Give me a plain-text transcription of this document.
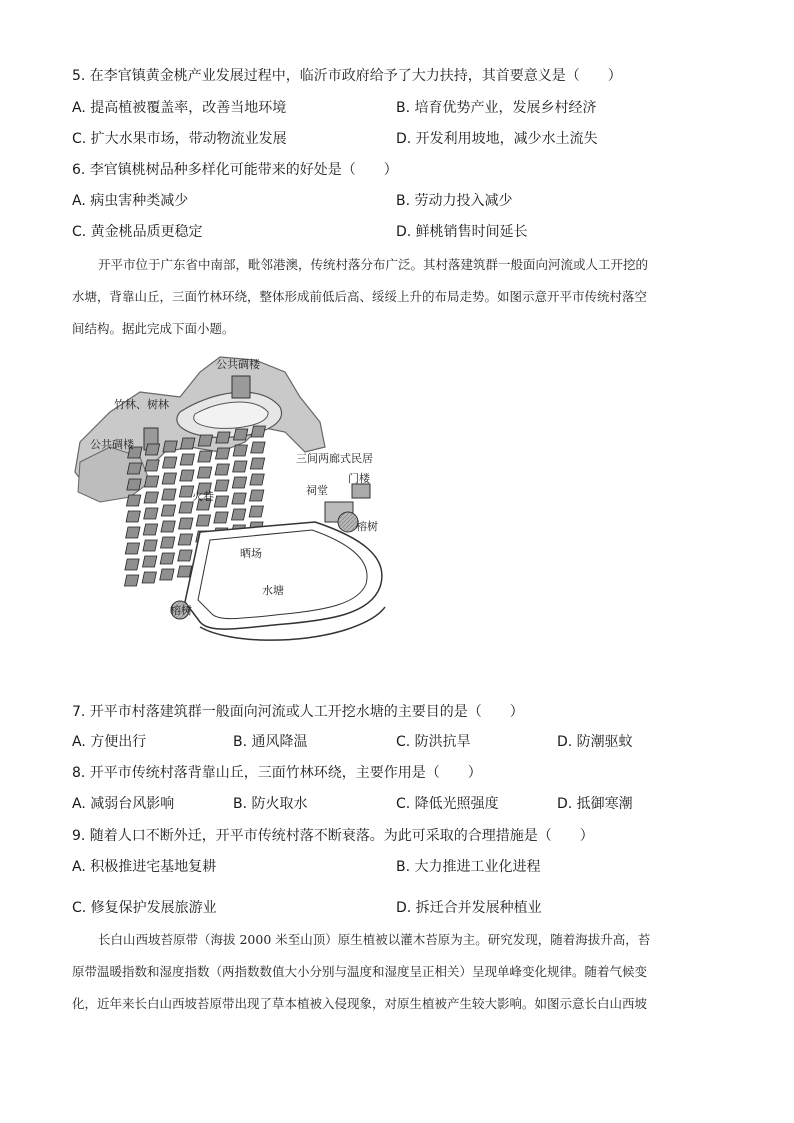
5. 在李官镇黄金桃产业发展过程中，临沂市政府给予了大力扶持，其首要意义是（　　）
A. 提高植被覆盖率，改善当地环境	B. 培育优势产业，发展乡村经济
C. 扩大水果市场，带动物流业发展	D. 开发利用坡地，减少水土流失
6. 李官镇桃树品种多样化可能带来的好处是（　　）
A. 病虫害种类减少	B. 劳动力投入减少
C. 黄金桃品质更稳定	D. 鲜桃销售时间延长
开平市位于广东省中南部，毗邻港澳，传统村落分布广泛。其村落建筑群一般面向河流或人工开挖的
水塘，背靠山丘，三面竹林环绕，整体形成前低后高、绥绥上升的布局走势。如图示意开平市传统村落空
间结构。据此完成下面小题。
公共碉楼
竹林、树林
公共碉楼
三间两廊式民居
门楼
祠堂
火巷
榕树
晒场
水塘
榕树
7. 开平市村落建筑群一般面向河流或人工开挖水塘的主要目的是（　　）
A. 方便出行	B. 通风降温	C. 防洪抗旱	D. 防潮驱蚊
8. 开平市传统村落背靠山丘，三面竹林环绕，主要作用是（　　）
A. 减弱台风影响	B. 防火取水	C. 降低光照强度	D. 抵御寒潮
9. 随着人口不断外迁，开平市传统村落不断衰落。为此可采取的合理措施是（　　）
A. 积极推进宅基地复耕	B. 大力推进工业化进程
C. 修复保护发展旅游业	D. 拆迁合并发展种植业
长白山西坡苔原带（海拔 2000 米至山顶）原生植被以灌木苔原为主。研究发现，随着海拔升高，苔
原带温暖指数和湿度指数（两指数数值大小分别与温度和湿度呈正相关）呈现单峰变化规律。随着气候变
化，近年来长白山西坡苔原带出现了草本植被入侵现象，对原生植被产生较大影响。如图示意长白山西坡
